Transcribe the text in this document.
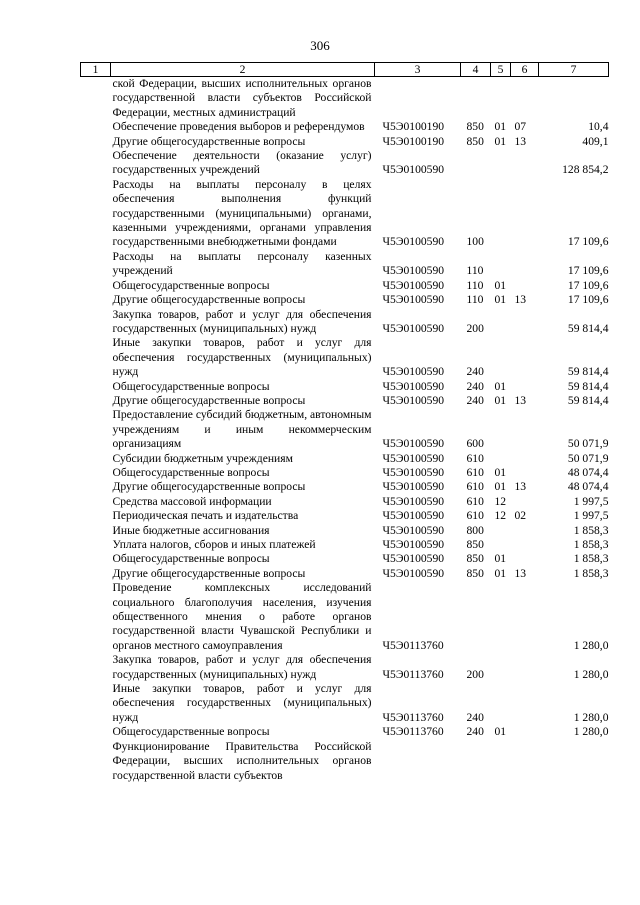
306
1	2	3	4	5	6	7
	ской Федерации, высших исполнительных органов государственной власти субъектов Российской Федерации, местных администраций					
	Обеспечение проведения выборов и референдумов	Ч5Э0100190	850	01	07	10,4
	Другие общегосударственные вопросы	Ч5Э0100190	850	01	13	409,1
	Обеспечение деятельности (оказание услуг) государственных учреждений	Ч5Э0100590				128 854,2
	Расходы на выплаты персоналу в целях обеспечения выполнения функций государственными (муниципальными) органами, казенными учреждениями, органами управления государственными внебюджетными фондами	Ч5Э0100590	100			17 109,6
	Расходы на выплаты персоналу казенных учреждений	Ч5Э0100590	110			17 109,6
	Общегосударственные вопросы	Ч5Э0100590	110	01		17 109,6
	Другие общегосударственные вопросы	Ч5Э0100590	110	01	13	17 109,6
	Закупка товаров, работ и услуг для обеспечения государственных (муниципальных) нужд	Ч5Э0100590	200			59 814,4
	Иные закупки товаров, работ и услуг для обеспечения государственных (муниципальных) нужд	Ч5Э0100590	240			59 814,4
	Общегосударственные вопросы	Ч5Э0100590	240	01		59 814,4
	Другие общегосударственные вопросы	Ч5Э0100590	240	01	13	59 814,4
	Предоставление субсидий бюджетным, автономным учреждениям и иным некоммерческим организациям	Ч5Э0100590	600			50 071,9
	Субсидии бюджетным учреждениям	Ч5Э0100590	610			50 071,9
	Общегосударственные вопросы	Ч5Э0100590	610	01		48 074,4
	Другие общегосударственные вопросы	Ч5Э0100590	610	01	13	48 074,4
	Средства массовой информации	Ч5Э0100590	610	12		1 997,5
	Периодическая печать и издательства	Ч5Э0100590	610	12	02	1 997,5
	Иные бюджетные ассигнования	Ч5Э0100590	800			1 858,3
	Уплата налогов, сборов и иных платежей	Ч5Э0100590	850			1 858,3
	Общегосударственные вопросы	Ч5Э0100590	850	01		1 858,3
	Другие общегосударственные вопросы	Ч5Э0100590	850	01	13	1 858,3
	Проведение комплексных исследований социального благополучия населения, изучения общественного мнения о работе органов государственной власти Чувашской Республики и органов местного самоуправления	Ч5Э0113760				1 280,0
	Закупка товаров, работ и услуг для обеспечения государственных (муниципальных) нужд	Ч5Э0113760	200			1 280,0
	Иные закупки товаров, работ и услуг для обеспечения государственных (муниципальных) нужд	Ч5Э0113760	240			1 280,0
	Общегосударственные вопросы	Ч5Э0113760	240	01		1 280,0
	Функционирование Правительства Российской Федерации, высших исполнительных органов государственной власти субъектов					
